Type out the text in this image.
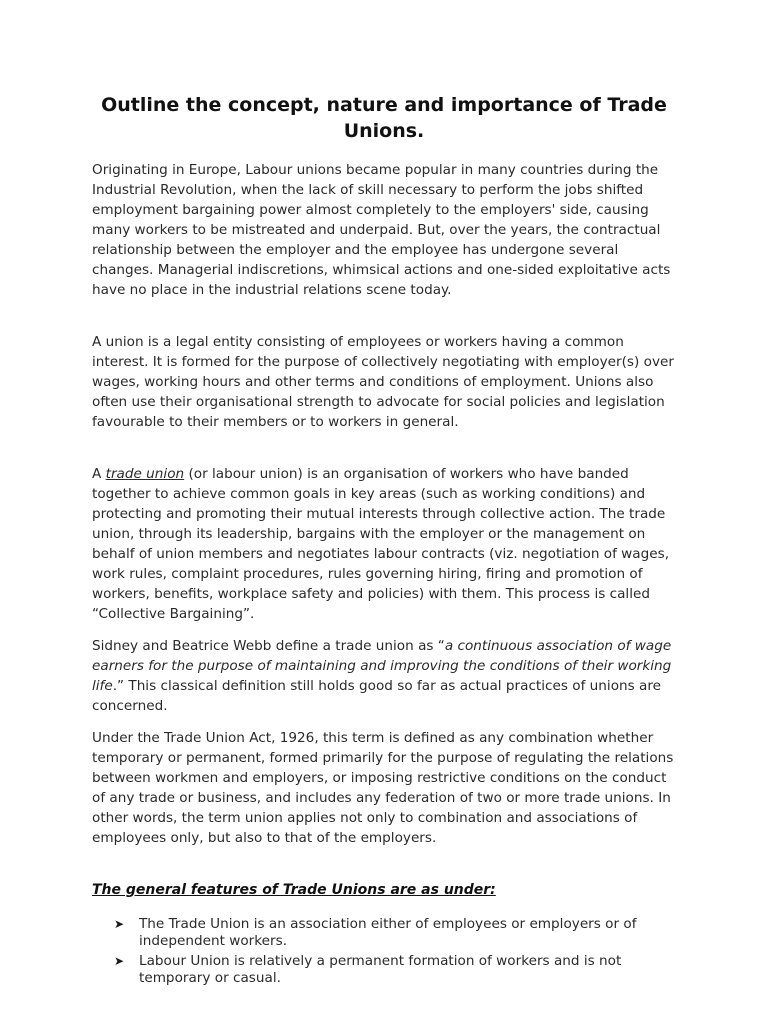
Outline the concept, nature and importance of Trade Unions.

Originating in Europe, Labour unions became popular in many countries during the Industrial Revolution, when the lack of skill necessary to perform the jobs shifted employment bargaining power almost completely to the employers' side, causing many workers to be mistreated and underpaid. But, over the years, the contractual relationship between the employer and the employee has undergone several changes. Managerial indiscretions, whimsical actions and one-sided exploitative acts have no place in the industrial relations scene today.

A union is a legal entity consisting of employees or workers having a common interest. It is formed for the purpose of collectively negotiating with employer(s) over wages, working hours and other terms and conditions of employment. Unions also often use their organisational strength to advocate for social policies and legislation favourable to their members or to workers in general.

A trade union (or labour union) is an organisation of workers who have banded together to achieve common goals in key areas (such as working conditions) and protecting and promoting their mutual interests through collective action. The trade union, through its leadership, bargains with the employer or the management on behalf of union members and negotiates labour contracts (viz. negotiation of wages, work rules, complaint procedures, rules governing hiring, firing and promotion of workers, benefits, workplace safety and policies) with them. This process is called “Collective Bargaining”.

Sidney and Beatrice Webb define a trade union as “a continuous association of wage earners for the purpose of maintaining and improving the conditions of their working life.” This classical definition still holds good so far as actual practices of unions are concerned.

Under the Trade Union Act, 1926, this term is defined as any combination whether temporary or permanent, formed primarily for the purpose of regulating the relations between workmen and employers, or imposing restrictive conditions on the conduct of any trade or business, and includes any federation of two or more trade unions. In other words, the term union applies not only to combination and associations of employees only, but also to that of the employers.

The general features of Trade Unions are as under:

➤ The Trade Union is an association either of employees or employers or of independent workers.
➤ Labour Union is relatively a permanent formation of workers and is not temporary or casual.
